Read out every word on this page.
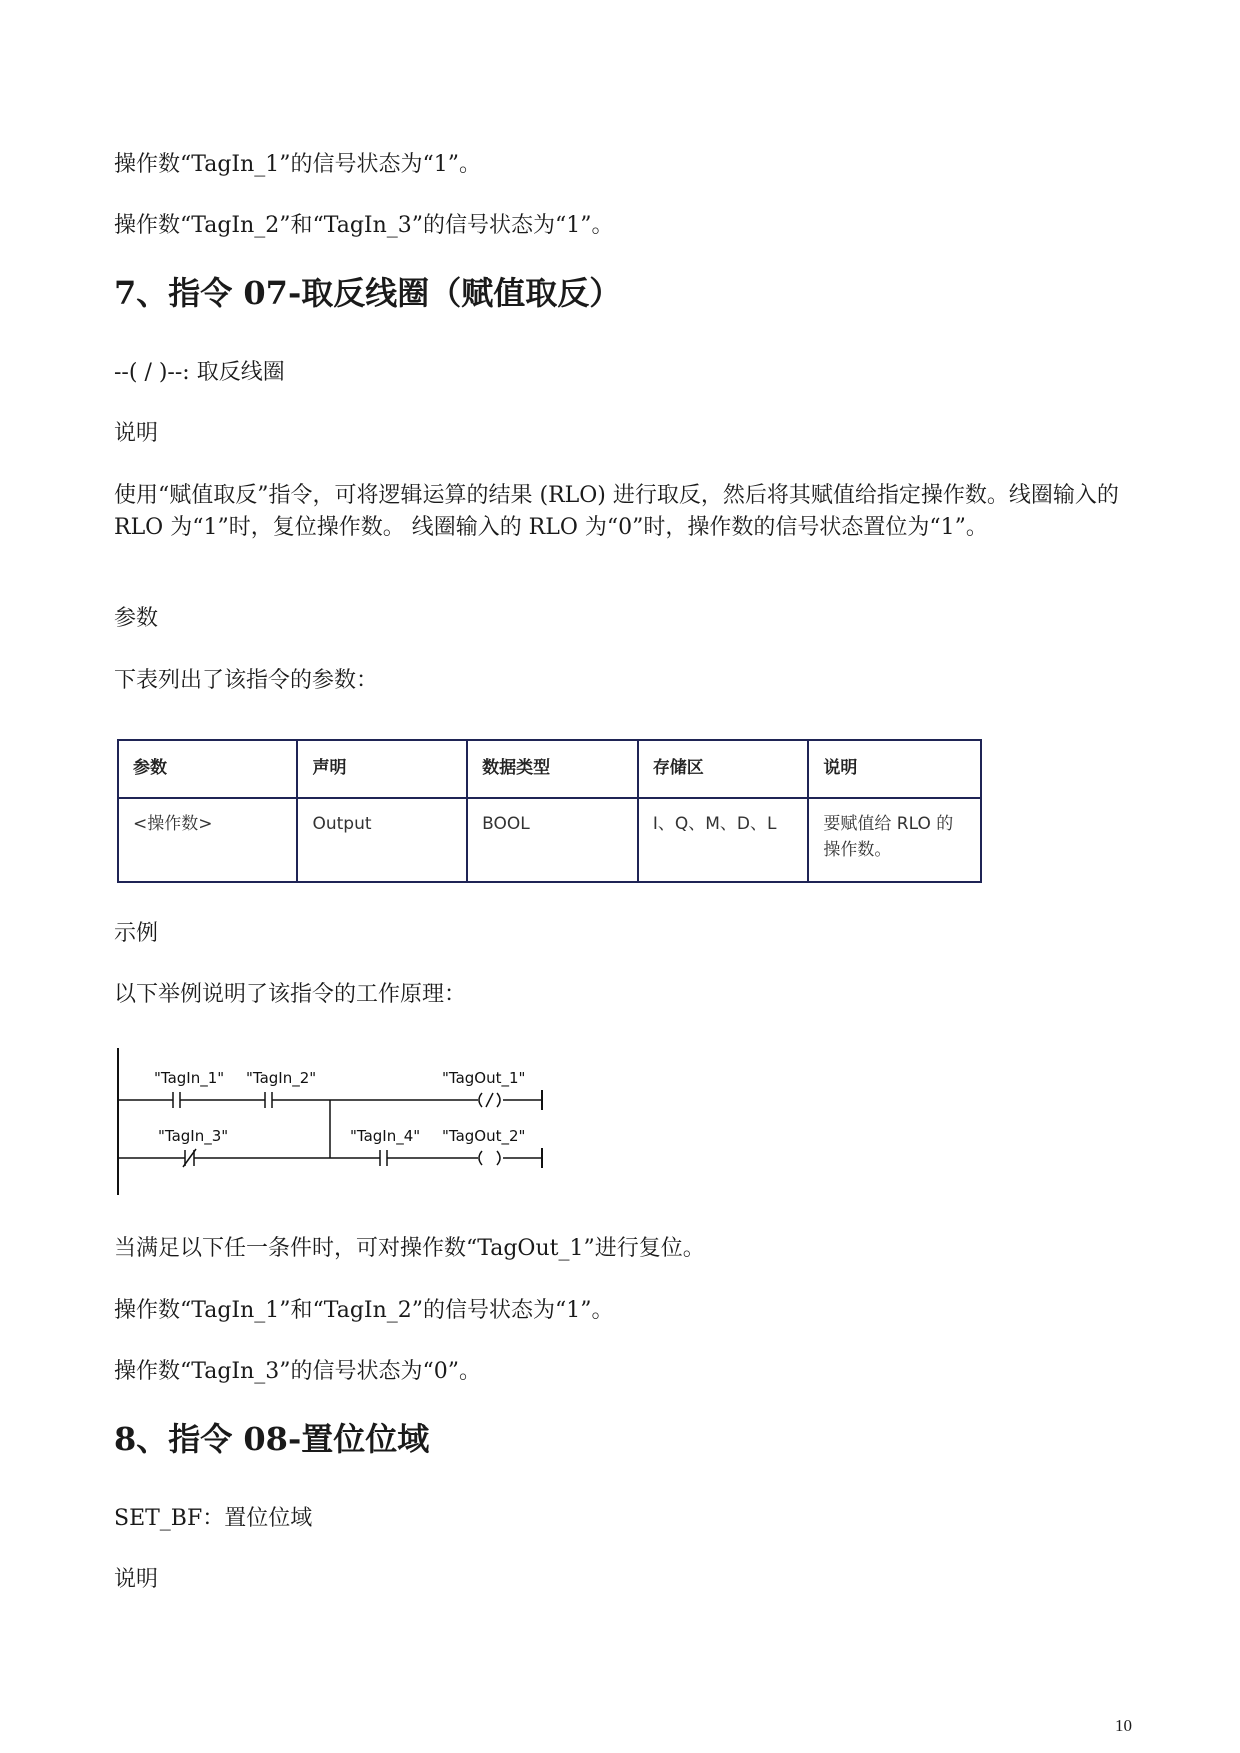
操作数“TagIn_1”的信号状态为“1”。

操作数“TagIn_2”和“TagIn_3”的信号状态为“1”。

7、指令 07-取反线圈（赋值取反）

--( / )--: 取反线圈

说明

使用“赋值取反”指令，可将逻辑运算的结果 (RLO) 进行取反，然后将其赋值给指定操作数。线圈输入的 RLO 为“1”时，复位操作数。 线圈输入的 RLO 为“0”时，操作数的信号状态置位为“1”。

参数

下表列出了该指令的参数：

参数	声明	数据类型	存储区	说明
<操作数>	Output	BOOL	I、Q、M、D、L	要赋值给 RLO 的操作数。

示例

以下举例说明了该指令的工作原理：

"TagIn_1" "TagIn_2"	"TagOut_1"
"TagIn_3"	"TagIn_4" "TagOut_2"

当满足以下任一条件时，可对操作数“TagOut_1”进行复位。

操作数“TagIn_1”和“TagIn_2”的信号状态为“1”。

操作数“TagIn_3”的信号状态为“0”。

8、指令 08-置位位域

SET_BF：置位位域

说明

10
